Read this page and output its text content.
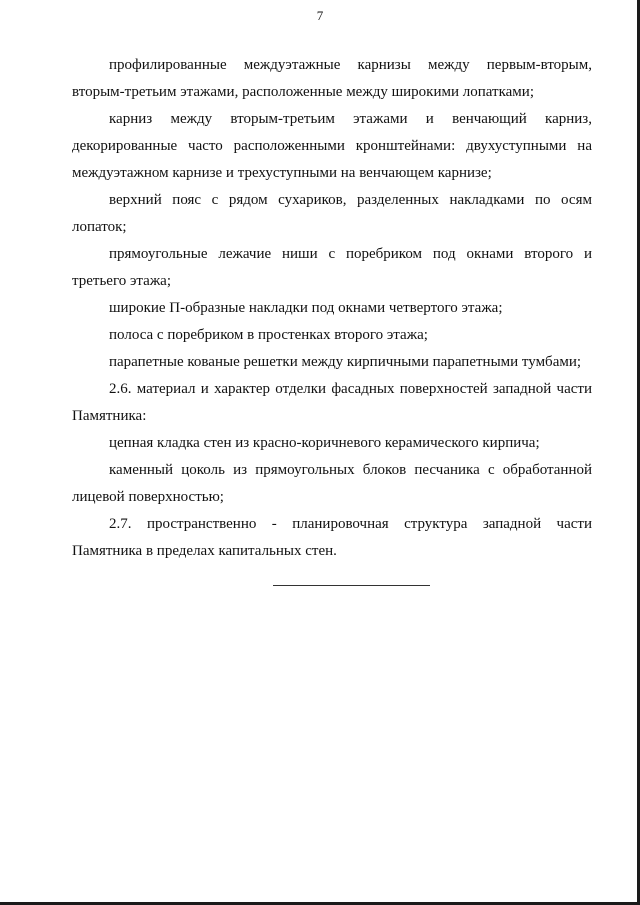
7

профилированные междуэтажные карнизы между первым-вторым, вторым-третьим этажами, расположенные между широкими лопатками;

карниз между вторым-третьим этажами и венчающий карниз, декорированные часто расположенными кронштейнами: двухуступными на междуэтажном карнизе и трехуступными на венчающем карнизе;

верхний пояс с рядом сухариков, разделенных накладками по осям лопаток;

прямоугольные лежачие ниши с поребриком под окнами второго и третьего этажа;

широкие П-образные накладки под окнами четвертого этажа;

полоса с поребриком в простенках второго этажа;

парапетные кованые решетки между кирпичными парапетными тумбами;

2.6. материал и характер отделки фасадных поверхностей западной части Памятника:

цепная кладка стен из красно-коричневого керамического кирпича;

каменный цоколь из прямоугольных блоков песчаника с обработанной лицевой поверхностью;

2.7. пространственно - планировочная структура западной части Памятника в пределах капитальных стен.
